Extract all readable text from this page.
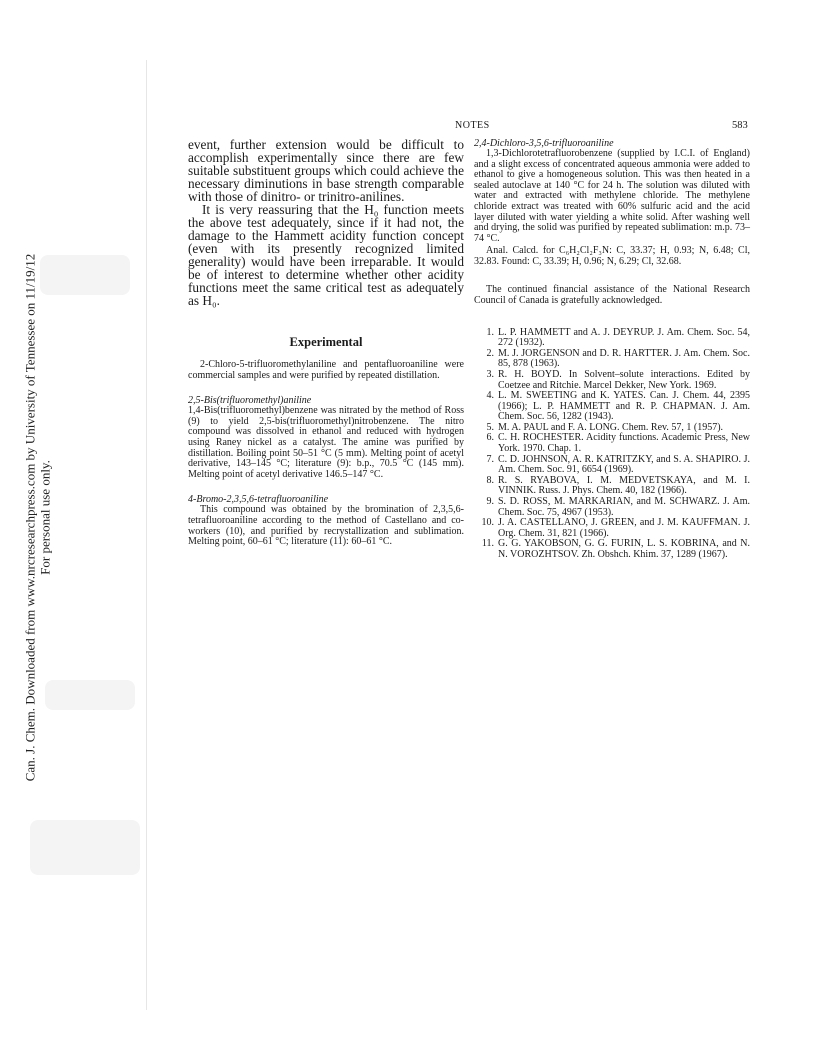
Can. J. Chem. Downloaded from www.nrcresearchpress.com by University of Tennessee on 11/19/12 For personal use only.
NOTES	583

event, further extension would be difficult to accomplish experimentally since there are few suitable substituent groups which could achieve the necessary diminutions in base strength comparable with those of dinitro- or trinitro-anilines.

It is very reassuring that the H₀ function meets the above test adequately, since if it had not, the damage to the Hammett acidity function concept (even with its presently recognized limited generality) would have been irreparable. It would be of interest to determine whether other acidity functions meet the same critical test as adequately as H₀.

Experimental

2-Chloro-5-trifluoromethylaniline and pentafluoroaniline were commercial samples and were purified by repeated distillation.

2,5-Bis(trifluoromethyl)aniline

1,4-Bis(trifluoromethyl)benzene was nitrated by the method of Ross (9) to yield 2,5-bis(trifluoromethyl)nitrobenzene. The nitro compound was dissolved in ethanol and reduced with hydrogen using Raney nickel as a catalyst. The amine was purified by distillation. Boiling point 50–51 °C (5 mm). Melting point of acetyl derivative, 143–145 °C; literature (9): b.p., 70.5 °C (145 mm). Melting point of acetyl derivative 146.5–147 °C.

4-Bromo-2,3,5,6-tetrafluoroaniline

This compound was obtained by the bromination of 2,3,5,6-tetrafluoroaniline according to the method of Castellano and co-workers (10), and purified by recrystallization and sublimation. Melting point, 60–61 °C; literature (11): 60–61 °C.

2,4-Dichloro-3,5,6-trifluoroaniline

1,3-Dichlorotetrafluorobenzene (supplied by I.C.I. of England) and a slight excess of concentrated aqueous ammonia were added to ethanol to give a homogeneous solution. This was then heated in a sealed autoclave at 140 °C for 24 h. The solution was diluted with water and extracted with methylene chloride. The methylene chloride extract was treated with 60% sulfuric acid and the acid layer diluted with water yielding a white solid. After washing well and drying, the solid was purified by repeated sublimation: m.p. 73–74 °C.

Anal. Calcd. for C₆H₂Cl₂F₃N: C, 33.37; H, 0.93; N, 6.48; Cl, 32.83. Found: C, 33.39; H, 0.96; N, 6.29; Cl, 32.68.

The continued financial assistance of the National Research Council of Canada is gratefully acknowledged.

1. L. P. HAMMETT and A. J. DEYRUP. J. Am. Chem. Soc. 54, 272 (1932).
2. M. J. JORGENSON and D. R. HARTTER. J. Am. Chem. Soc. 85, 878 (1963).
3. R. H. BOYD. In Solvent–solute interactions. Edited by Coetzee and Ritchie. Marcel Dekker, New York. 1969.
4. L. M. SWEETING and K. YATES. Can. J. Chem. 44, 2395 (1966); L. P. HAMMETT and R. P. CHAPMAN. J. Am. Chem. Soc. 56, 1282 (1943).
5. M. A. PAUL and F. A. LONG. Chem. Rev. 57, 1 (1957).
6. C. H. ROCHESTER. Acidity functions. Academic Press, New York. 1970. Chap. 1.
7. C. D. JOHNSON, A. R. KATRITZKY, and S. A. SHAPIRO. J. Am. Chem. Soc. 91, 6654 (1969).
8. R. S. RYABOVA, I. M. MEDVETSKAYA, and M. I. VINNIK. Russ. J. Phys. Chem. 40, 182 (1966).
9. S. D. ROSS, M. MARKARIAN, and M. SCHWARZ. J. Am. Chem. Soc. 75, 4967 (1953).
10. J. A. CASTELLANO, J. GREEN, and J. M. KAUFFMAN. J. Org. Chem. 31, 821 (1966).
11. G. G. YAKOBSON, G. G. FURIN, L. S. KOBRINA, and N. N. VOROZHTSOV. Zh. Obshch. Khim. 37, 1289 (1967).
